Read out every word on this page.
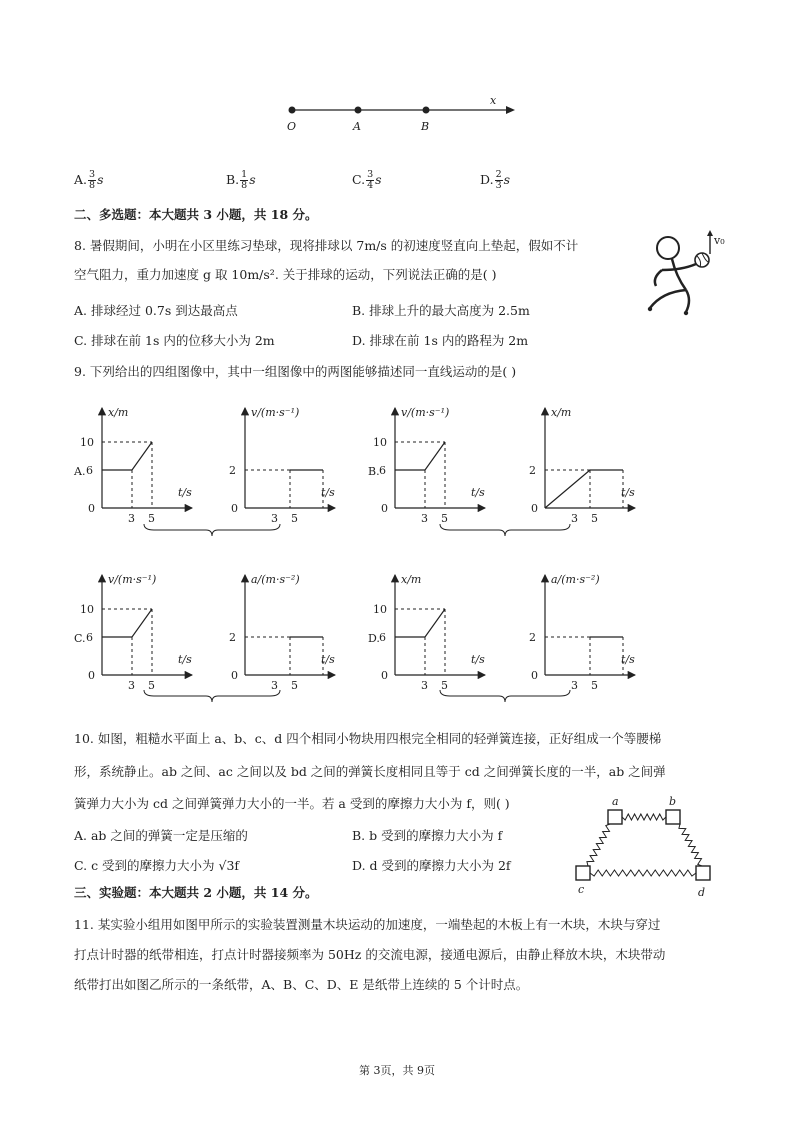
x
O	A	B
A. $\frac{3}{8}$ s	B. $\frac{1}{8}$ s	C. $\frac{3}{4}$ s	D. $\frac{2}{3}$ s
二、多选题：本大题共 3 小题，共 18 分。
8. 暑假期间，小明在小区里练习垫球，现将排球以 7m/s 的初速度竖直向上垫起，假如不计
空气阻力，重力加速度 g 取 10m/s². 关于排球的运动，下列说法正确的是( )
A. 排球经过 0.7s 到达最高点	B. 排球上升的最大高度为 2.5m
C. 排球在前 1s 内的位移大小为 2m	D. 排球在前 1s 内的路程为 2m
v₀
9. 下列给出的四组图像中，其中一组图像中的两图能够描述同一直线运动的是( )
A.
x/m
t/s
0
3 5
6
10
v/(m·s⁻¹)
t/s
0
3 5
2	B.
v/(m·s⁻¹)
t/s
0
3 5
6
10
x/m
t/s
0
3 5
2
C.
v/(m·s⁻¹)
t/s
0
3 5
6
10
a/(m·s⁻²)
t/s
0
3 5
2	D.
x/m
t/s
0
3 5
6
10
a/(m·s⁻²)
t/s
0
3 5
2
10. 如图，粗糙水平面上 a、b、c、d 四个相同小物块用四根完全相同的轻弹簧连接，正好组成一个等腰梯
形，系统静止。ab 之间、ac 之间以及 bd 之间的弹簧长度相同且等于 cd 之间弹簧长度的一半，ab 之间弹
簧弹力大小为 cd 之间弹簧弹力大小的一半。若 a 受到的摩擦力大小为 f，则( )
A. ab 之间的弹簧一定是压缩的	B. b 受到的摩擦力大小为 f
C. c 受到的摩擦力大小为 √3f	D. d 受到的摩擦力大小为 2f
a	b
c	d
三、实验题：本大题共 2 小题，共 14 分。
11. 某实验小组用如图甲所示的实验装置测量木块运动的加速度，一端垫起的木板上有一木块，木块与穿过
打点计时器的纸带相连，打点计时器接频率为 50Hz 的交流电源，接通电源后，由静止释放木块，木块带动
纸带打出如图乙所示的一条纸带，A、B、C、D、E 是纸带上连续的 5 个计时点。
第 3页，共 9页
